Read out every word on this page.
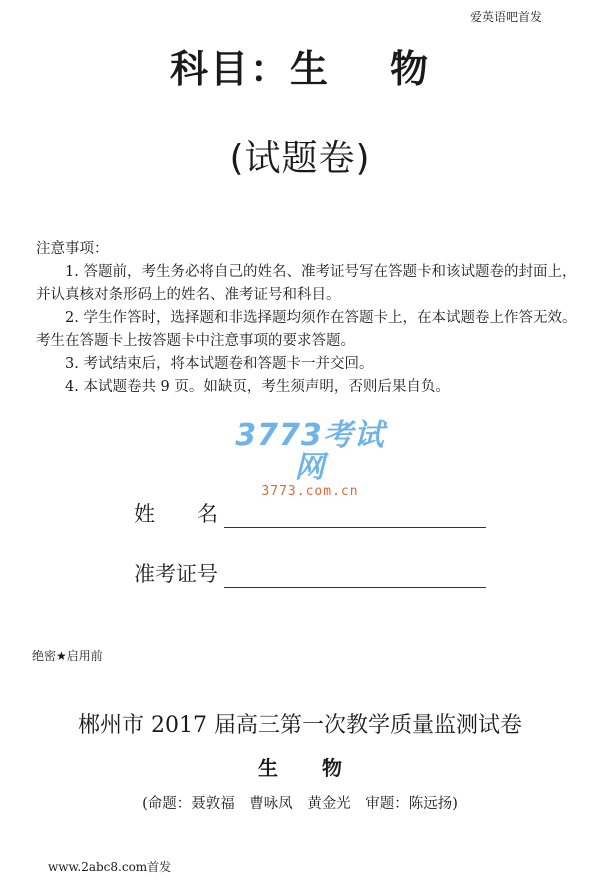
爱英语吧首发
科目：生 物
(试题卷)

注意事项：

1. 答题前，考生务必将自己的姓名、准考证号写在答题卡和该试题卷的封面上，并认真核对条形码上的姓名、准考证号和科目。

2. 学生作答时，选择题和非选择题均须作在答题卡上，在本试题卷上作答无效。考生在答题卡上按答题卡中注意事项的要求答题。

3. 考试结束后，将本试题卷和答题卡一并交回。

4. 本试题卷共 9 页。如缺页，考生须声明，否则后果自负。

3773考试网
3773.com.cn
姓 名
准考证号
绝密★启用前
郴州市 2017 届高三第一次教学质量监测试卷
生 物
(命题：聂敦福　曹咏凤　黄金光　审题：陈远扬)
www.2abc8.com首发
